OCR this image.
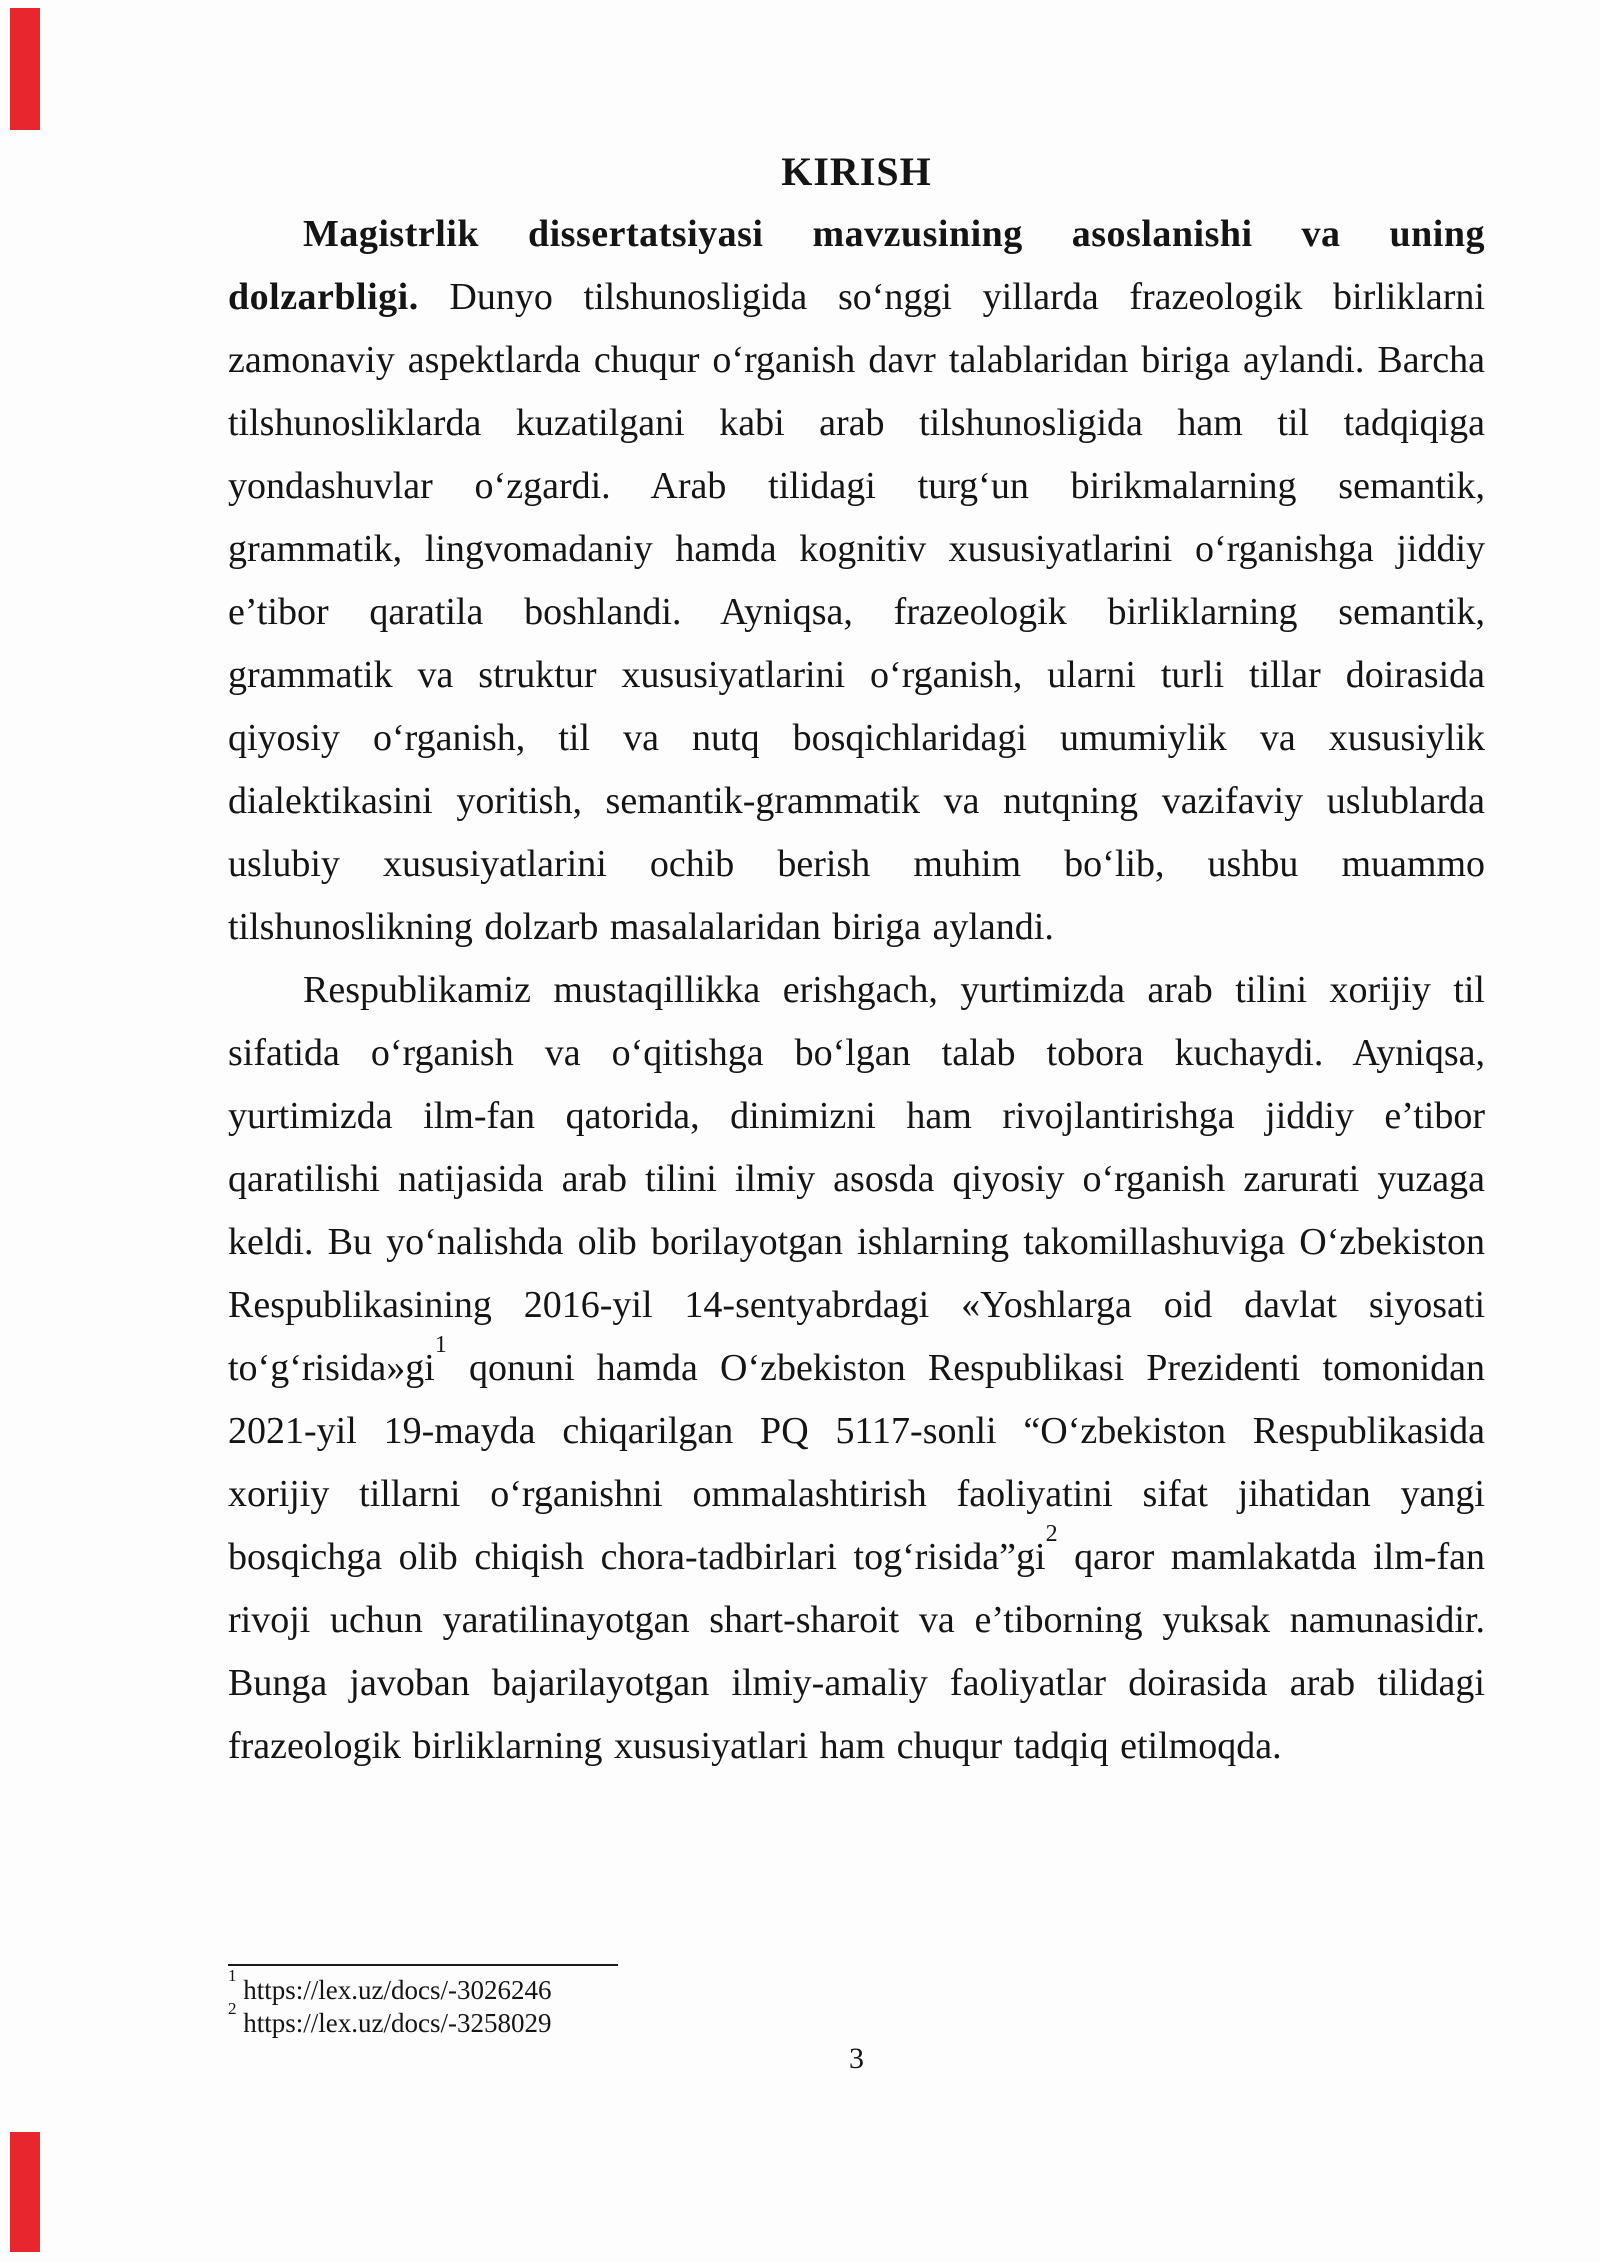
KIRISH

Magistrlik dissertatsiyasi mavzusining asoslanishi va uning dolzarbligi. Dunyo tilshunosligida so‘nggi yillarda frazeologik birliklarni zamonaviy aspektlarda chuqur o‘rganish davr talablaridan biriga aylandi. Barcha tilshunosliklarda kuzatilgani kabi arab tilshunosligida ham til tadqiqiga yondashuvlar o‘zgardi. Arab tilidagi turg‘un birikmalarning semantik, grammatik, lingvomadaniy hamda kognitiv xususiyatlarini o‘rganishga jiddiy e’tibor qaratila boshlandi. Ayniqsa, frazeologik birliklarning semantik, grammatik va struktur xususiyatlarini o‘rganish, ularni turli tillar doirasida qiyosiy o‘rganish, til va nutq bosqichlaridagi umumiylik va xususiylik dialektikasini yoritish, semantik-grammatik va nutqning vazifaviy uslublarda uslubiy xususiyatlarini ochib berish muhim bo‘lib, ushbu muammo tilshunoslikning dolzarb masalalaridan biriga aylandi.

Respublikamiz mustaqillikka erishgach, yurtimizda arab tilini xorijiy til sifatida o‘rganish va o‘qitishga bo‘lgan talab tobora kuchaydi. Ayniqsa, yurtimizda ilm-fan qatorida, dinimizni ham rivojlantirishga jiddiy e’tibor qaratilishi natijasida arab tilini ilmiy asosda qiyosiy o‘rganish zarurati yuzaga keldi. Bu yo‘nalishda olib borilayotgan ishlarning takomillashuviga O‘zbekiston Respublikasining 2016-yil 14-sentyabrdagi «Yoshlarga oid davlat siyosati $to‘g‘risida»gi^1$ qonuni hamda O‘zbekiston Respublikasi Prezidenti tomonidan 2021-yil 19-mayda chiqarilgan PQ 5117-sonli “O‘zbekiston Respublikasida xorijiy tillarni o‘rganishni ommalashtirish faoliyatini sifat jihatidan yangi bosqichga olib chiqish chora-tadbirlari $tog‘risida”gi^2$ qaror mamlakatda ilm-fan rivoji uchun yaratilinayotgan shart-sharoit va e’tiborning yuksak namunasidir. Bunga javoban bajarilayotgan ilmiy-amaliy faoliyatlar doirasida arab tilidagi frazeologik birliklarning xususiyatlari ham chuqur tadqiq etilmoqda.

$^1$ https://lex.uz/docs/-3026246
$^2$ https://lex.uz/docs/-3258029
3
